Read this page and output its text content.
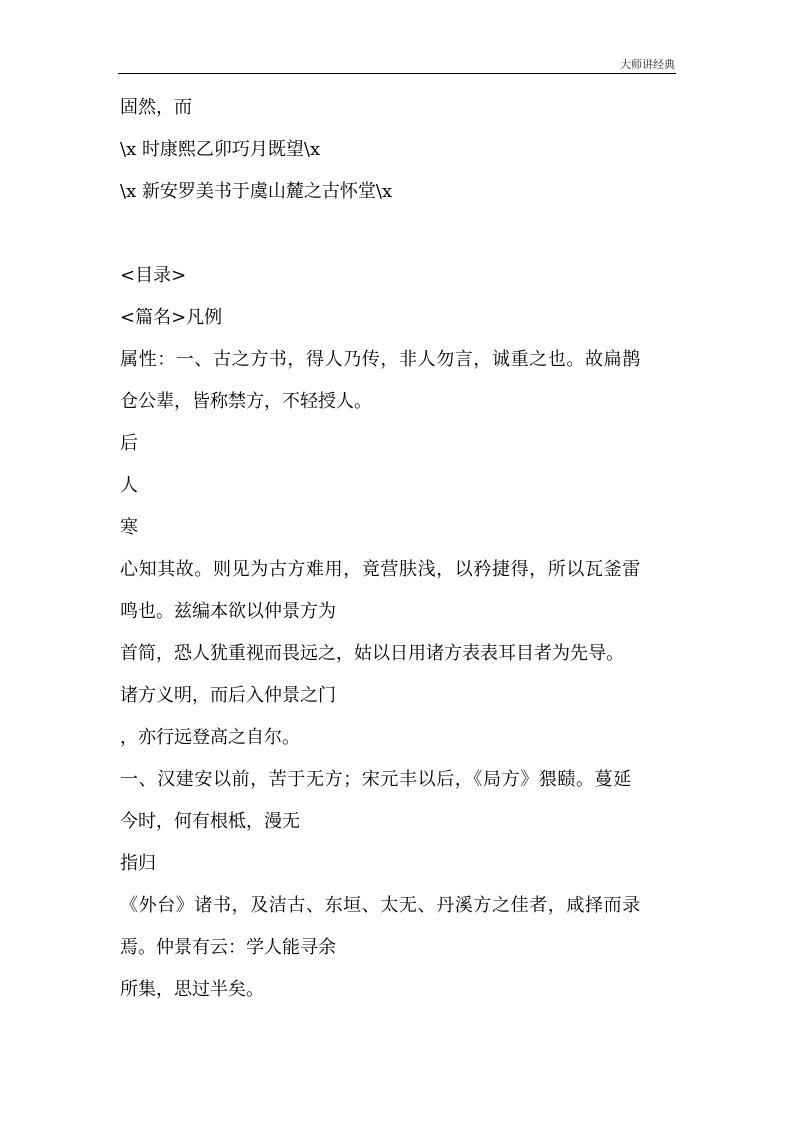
大师讲经典
固然，而
\x 时康熙乙卯巧月既望\x
\x 新安罗美书于虞山麓之古怀堂\x
<目录>
<篇名>凡例
属性：一、古之方书，得人乃传，非人勿言，诚重之也。故扁鹊
仓公辈，皆称禁方，不轻授人。
后
人
寒
心知其故。则见为古方难用，竟营肤浅，以矜捷得，所以瓦釜雷
鸣也。兹编本欲以仲景方为
首简，恐人犹重视而畏远之，姑以日用诸方表表耳目者为先导。
诸方义明，而后入仲景之门
，亦行远登高之自尔。
一、汉建安以前，苦于无方；宋元丰以后，《局方》猥赜。蔓延
今时，何有根柢，漫无
指归
《外台》诸书，及洁古、东垣、太无、丹溪方之佳者，咸择而录
焉。仲景有云：学人能寻余
所集，思过半矣。
